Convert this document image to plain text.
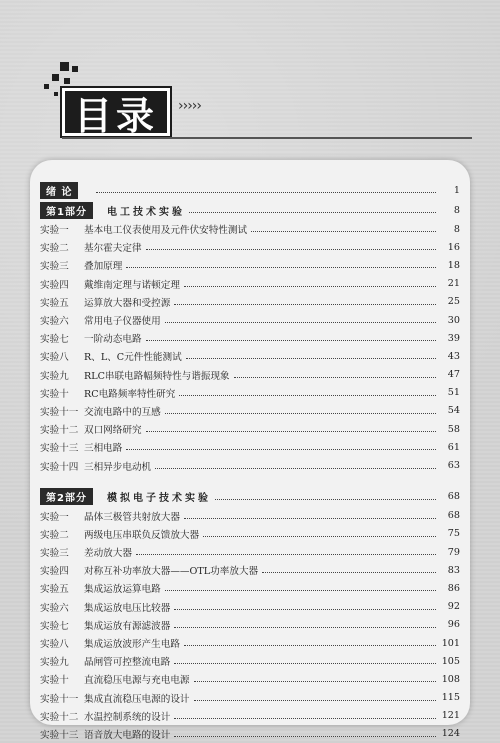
目录 ›››››
绪 论	1
第1部分	电工技术实验	8
实验一	基本电工仪表使用及元件伏安特性测试	8
实验二	基尔霍夫定律	16
实验三	叠加原理	18
实验四	戴维南定理与诺顿定理	21
实验五	运算放大器和受控源	25
实验六	常用电子仪器使用	30
实验七	一阶动态电路	39
实验八	R、L、C元件性能测试	43
实验九	RLC串联电路幅频特性与谐振现象	47
实验十	RC电路频率特性研究	51
实验十一 交流电路中的互感	54
实验十二 双口网络研究	58
实验十三 三相电路	61
实验十四 三相异步电动机	63
第2部分	模拟电子技术实验	68
实验一	晶体三极管共射放大器	68
实验二	两级电压串联负反馈放大器	75
实验三	差动放大器	79
实验四	对称互补功率放大器——OTL功率放大器	83
实验五	集成运放运算电路	86
实验六	集成运放电压比较器	92
实验七	集成运放有源滤波器	96
实验八	集成运放波形产生电路	101
实验九	晶闸管可控整流电路	105
实验十	直流稳压电源与充电电源	108
实验十一 集成直流稳压电源的设计	115
实验十二 水温控制系统的设计	121
实验十三 语音放大电路的设计	124
